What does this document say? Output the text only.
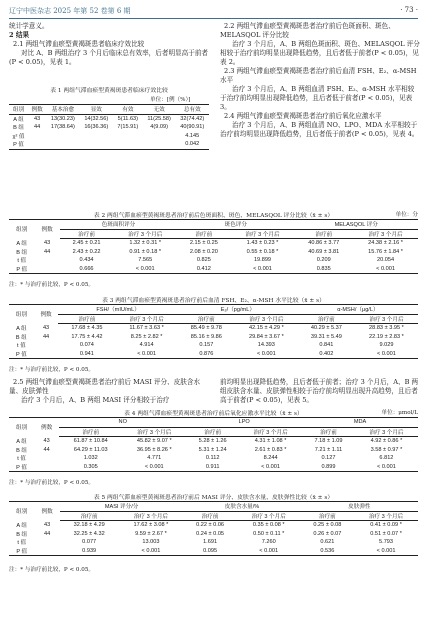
辽宁中医杂志 2025 年第 52 卷第 6 期	· 73 ·

统计学意义。

2 结果

2.1 两组气滞血瘀型黄褐斑患者临床疗效比较

对比 A、B 两组治疗 3 个月后临床总有效率，后者明显高于前者(P < 0.05)，见表 1。

表 1 两组气滞血瘀型黄褐斑患者临床疗效比较
单位：[例（%）]
组别	例数	基本治愈	显效	有效	无效	总有效
A 组	43	13(30.23)	14(32.56)	5(11.63)	11(25.58)	32(74.42)
B 组	44	17(38.64)	16(36.36)	7(15.91)	4(9.09)	40(90.91)
χ² 值						4.145
P 值						0.042

2.2 两组气滞血瘀型黄褐斑患者治疗前后色斑面积、斑色、MELASQOL 评分比较

治疗 3 个月后，A、B 两组色斑面积、斑色、MELASQOL 评分相较于治疗前均明显出现降低趋势，且后者低于前者(P < 0.05)，见表 2。

2.3 两组气滞血瘀型黄褐斑患者治疗前后血清 FSH、E₂、α-MSH 水平

治疗 3 个月后，A、B 两组血清 FSH、E₂、α-MSH 水平相较于治疗前均明显出现降低趋势，且后者低于前者(P < 0.05)，见表 3。

2.4 两组气滞血瘀型黄褐斑患者治疗前后氧化应激水平

治疗 3 个月后，A、B 两组血清 NO、LPO、MDA 水平相较于治疗前均明显出现降低趋势，且后者低于前者(P < 0.05)，见表 4。

表 2 两组气滞血瘀型黄褐斑患者治疗前后色斑面积、斑色、MELASQOL 评分比较（x̄ ± s）	单位：分
组别	例数	色斑面积评分		斑色评分		MELASQOL 评分	
		治疗前	治疗 3 个月后	治疗前	治疗 3 个月后	治疗前	治疗 3 个月后
A 组	43	2.45 ± 0.21	1.32 ± 0.31 *	2.15 ± 0.25	1.43 ± 0.23 *	40.86 ± 3.77	24.38 ± 2.16 *
B 组	44	2.43 ± 0.22	0.91 ± 0.18 *	2.08 ± 0.20	0.55 ± 0.18 *	40.69 ± 3.81	15.76 ± 1.84 *
t 值		0.434	7.565	0.825	19.899	0.209	20.054
P 值		0.666	< 0.001	0.412	< 0.001	0.835	< 0.001
注：* 与治疗前比较，P < 0.05。
表 3 两组气滞血瘀型黄褐斑患者治疗前后血清 FSH、E₂、α-MSH 水平比较（x̄ ± s）
组别	例数	FSH/（mIU/mL）		E₂/（pg/mL）		α-MSH/（μg/L）	
		治疗前	治疗 3 个月后	治疗前	治疗 3 个月后	治疗前	治疗 3 个月后
A 组	43	17.68 ± 4.35	11.67 ± 3.63 *	85.49 ± 9.78	42.15 ± 4.29 *	40.29 ± 5.37	28.83 ± 3.95 *
B 组	44	17.75 ± 4.42	8.25 ± 2.82 *	85.16 ± 9.86	29.84 ± 3.67 *	39.31 ± 5.49	22.19 ± 2.83 *
t 值		0.074	4.914	0.157	14.393	0.841	9.029
P 值		0.941	< 0.001	0.876	< 0.001	0.402	< 0.001
注：* 与治疗前比较，P < 0.05。

2.5 两组气滞血瘀型黄褐斑患者治疗前后 MASI 评分、皮肤含水量、皮肤弹性

治疗 3 个月后，A、B 两组 MASI 评分相较于治疗

前均明显出现降低趋势，且后者低于前者；治疗 3 个月后，A、B 两组皮肤含水量、皮肤弹性相较于治疗前均明显出现升高趋势，且后者高于前者(P < 0.05)，见表 5。

表 4 两组气滞血瘀型黄褐斑患者治疗前后氧化应激水平比较（x̄ ± s）	单位：μmol/L
组别	例数	NO		LPO		MDA	
		治疗前	治疗 3 个月后	治疗前	治疗 3 个月后	治疗前	治疗 3 个月后
A 组	43	61.87 ± 10.84	45.82 ± 9.07 *	5.28 ± 1.26	4.31 ± 1.08 *	7.18 ± 1.09	4.92 ± 0.86 *
B 组	44	64.29 ± 11.03	36.95 ± 8.26 *	5.31 ± 1.24	2.61 ± 0.83 *	7.21 ± 1.11	3.58 ± 0.97 *
t 值		1.032	4.771	0.112	8.244	0.127	6.812
P 值		0.305	< 0.001	0.911	< 0.001	0.899	< 0.001
注：* 与治疗前比较，P < 0.05。
表 5 两组气滞血瘀型黄褐斑患者治疗前后 MASI 评分、皮肤含水量、皮肤弹性比较（x̄ ± s）
组别	例数	MASI 评分/分		皮肤含水量/%		皮肤弹性	
		治疗前	治疗 3 个月后	治疗前	治疗 3 个月后	治疗前	治疗 3 个月后
A 组	43	32.18 ± 4.29	17.62 ± 3.08 *	0.22 ± 0.06	0.35 ± 0.08 *	0.25 ± 0.08	0.41 ± 0.09 *
B 组	44	32.25 ± 4.32	9.59 ± 2.67 *	0.24 ± 0.05	0.50 ± 0.11 *	0.26 ± 0.07	0.51 ± 0.07 *
t 值		0.077	13.003	1.691	7.260	0.621	5.793
P 值		0.939	< 0.001	0.095	< 0.001	0.536	< 0.001
注：* 与治疗前比较，P < 0.05。
